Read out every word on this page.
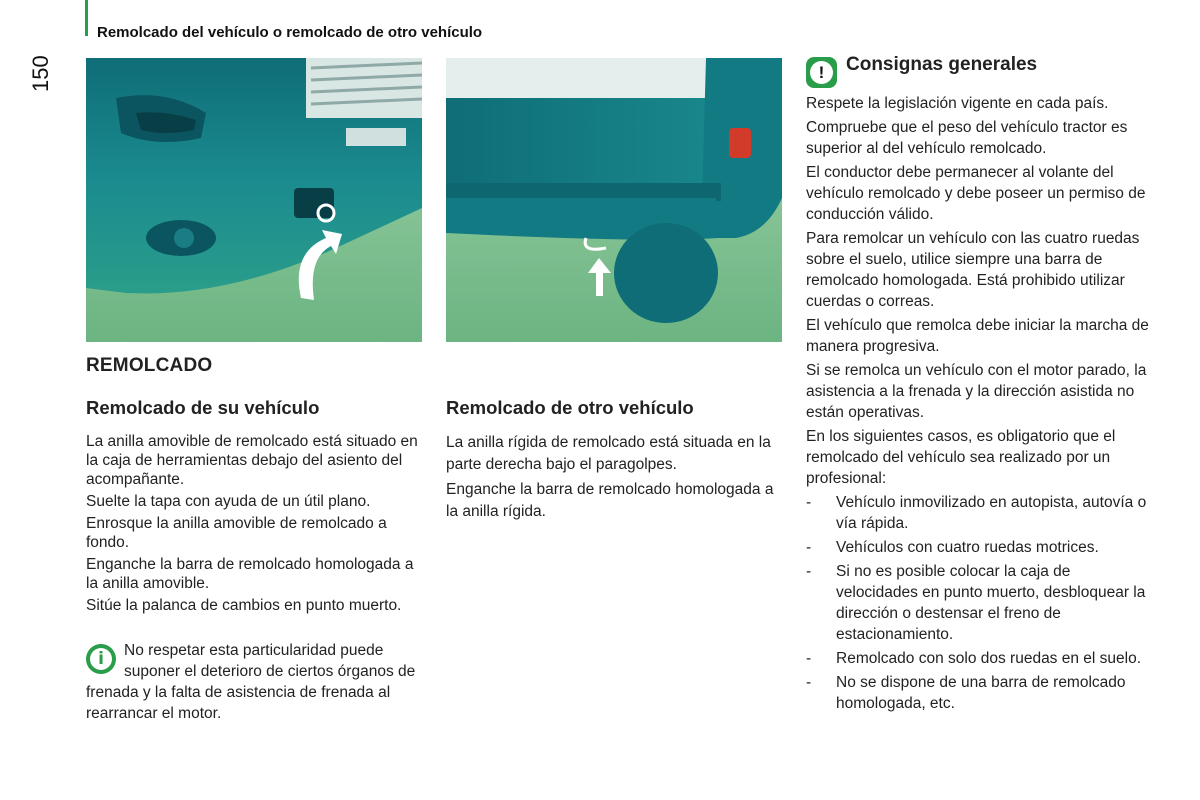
Remolcado del vehículo o remolcado de otro vehículo
150
REMOLCADO
Remolcado de su vehículo

La anilla amovible de remolcado está situado en la caja de herramientas debajo del asiento del acompañante.

Suelte la tapa con ayuda de un útil plano.

Enrosque la anilla amovible de remolcado a fondo.

Enganche la barra de remolcado homologada a la anilla amovible.

Sitúe la palanca de cambios en punto muerto.

i	No respetar esta particularidad puede suponer el deterioro de ciertos órganos de frenada y la falta de asistencia de frenada al rearrancar el motor.
Remolcado de otro vehículo

La anilla rígida de remolcado está situada en la parte derecha bajo el paragolpes.

Enganche la barra de remolcado homologada a la anilla rígida.

!	Consignas generales

Respete la legislación vigente en cada país.

Compruebe que el peso del vehículo tractor es superior al del vehículo remolcado.

El conductor debe permanecer al volante del vehículo remolcado y debe poseer un permiso de conducción válido.

Para remolcar un vehículo con las cuatro ruedas sobre el suelo, utilice siempre una barra de remolcado homologada. Está prohibido utilizar cuerdas o correas.

El vehículo que remolca debe iniciar la marcha de manera progresiva.

Si se remolca un vehículo con el motor parado, la asistencia a la frenada y la dirección asistida no están operativas.

En los siguientes casos, es obligatorio que el remolcado del vehículo sea realizado por un profesional:

- Vehículo inmovilizado en autopista, autovía o vía rápida.
- Vehículos con cuatro ruedas motrices.
- Si no es posible colocar la caja de velocidades en punto muerto, desbloquear la dirección o destensar el freno de estacionamiento.
- Remolcado con solo dos ruedas en el suelo.
- No se dispone de una barra de remolcado homologada, etc.
